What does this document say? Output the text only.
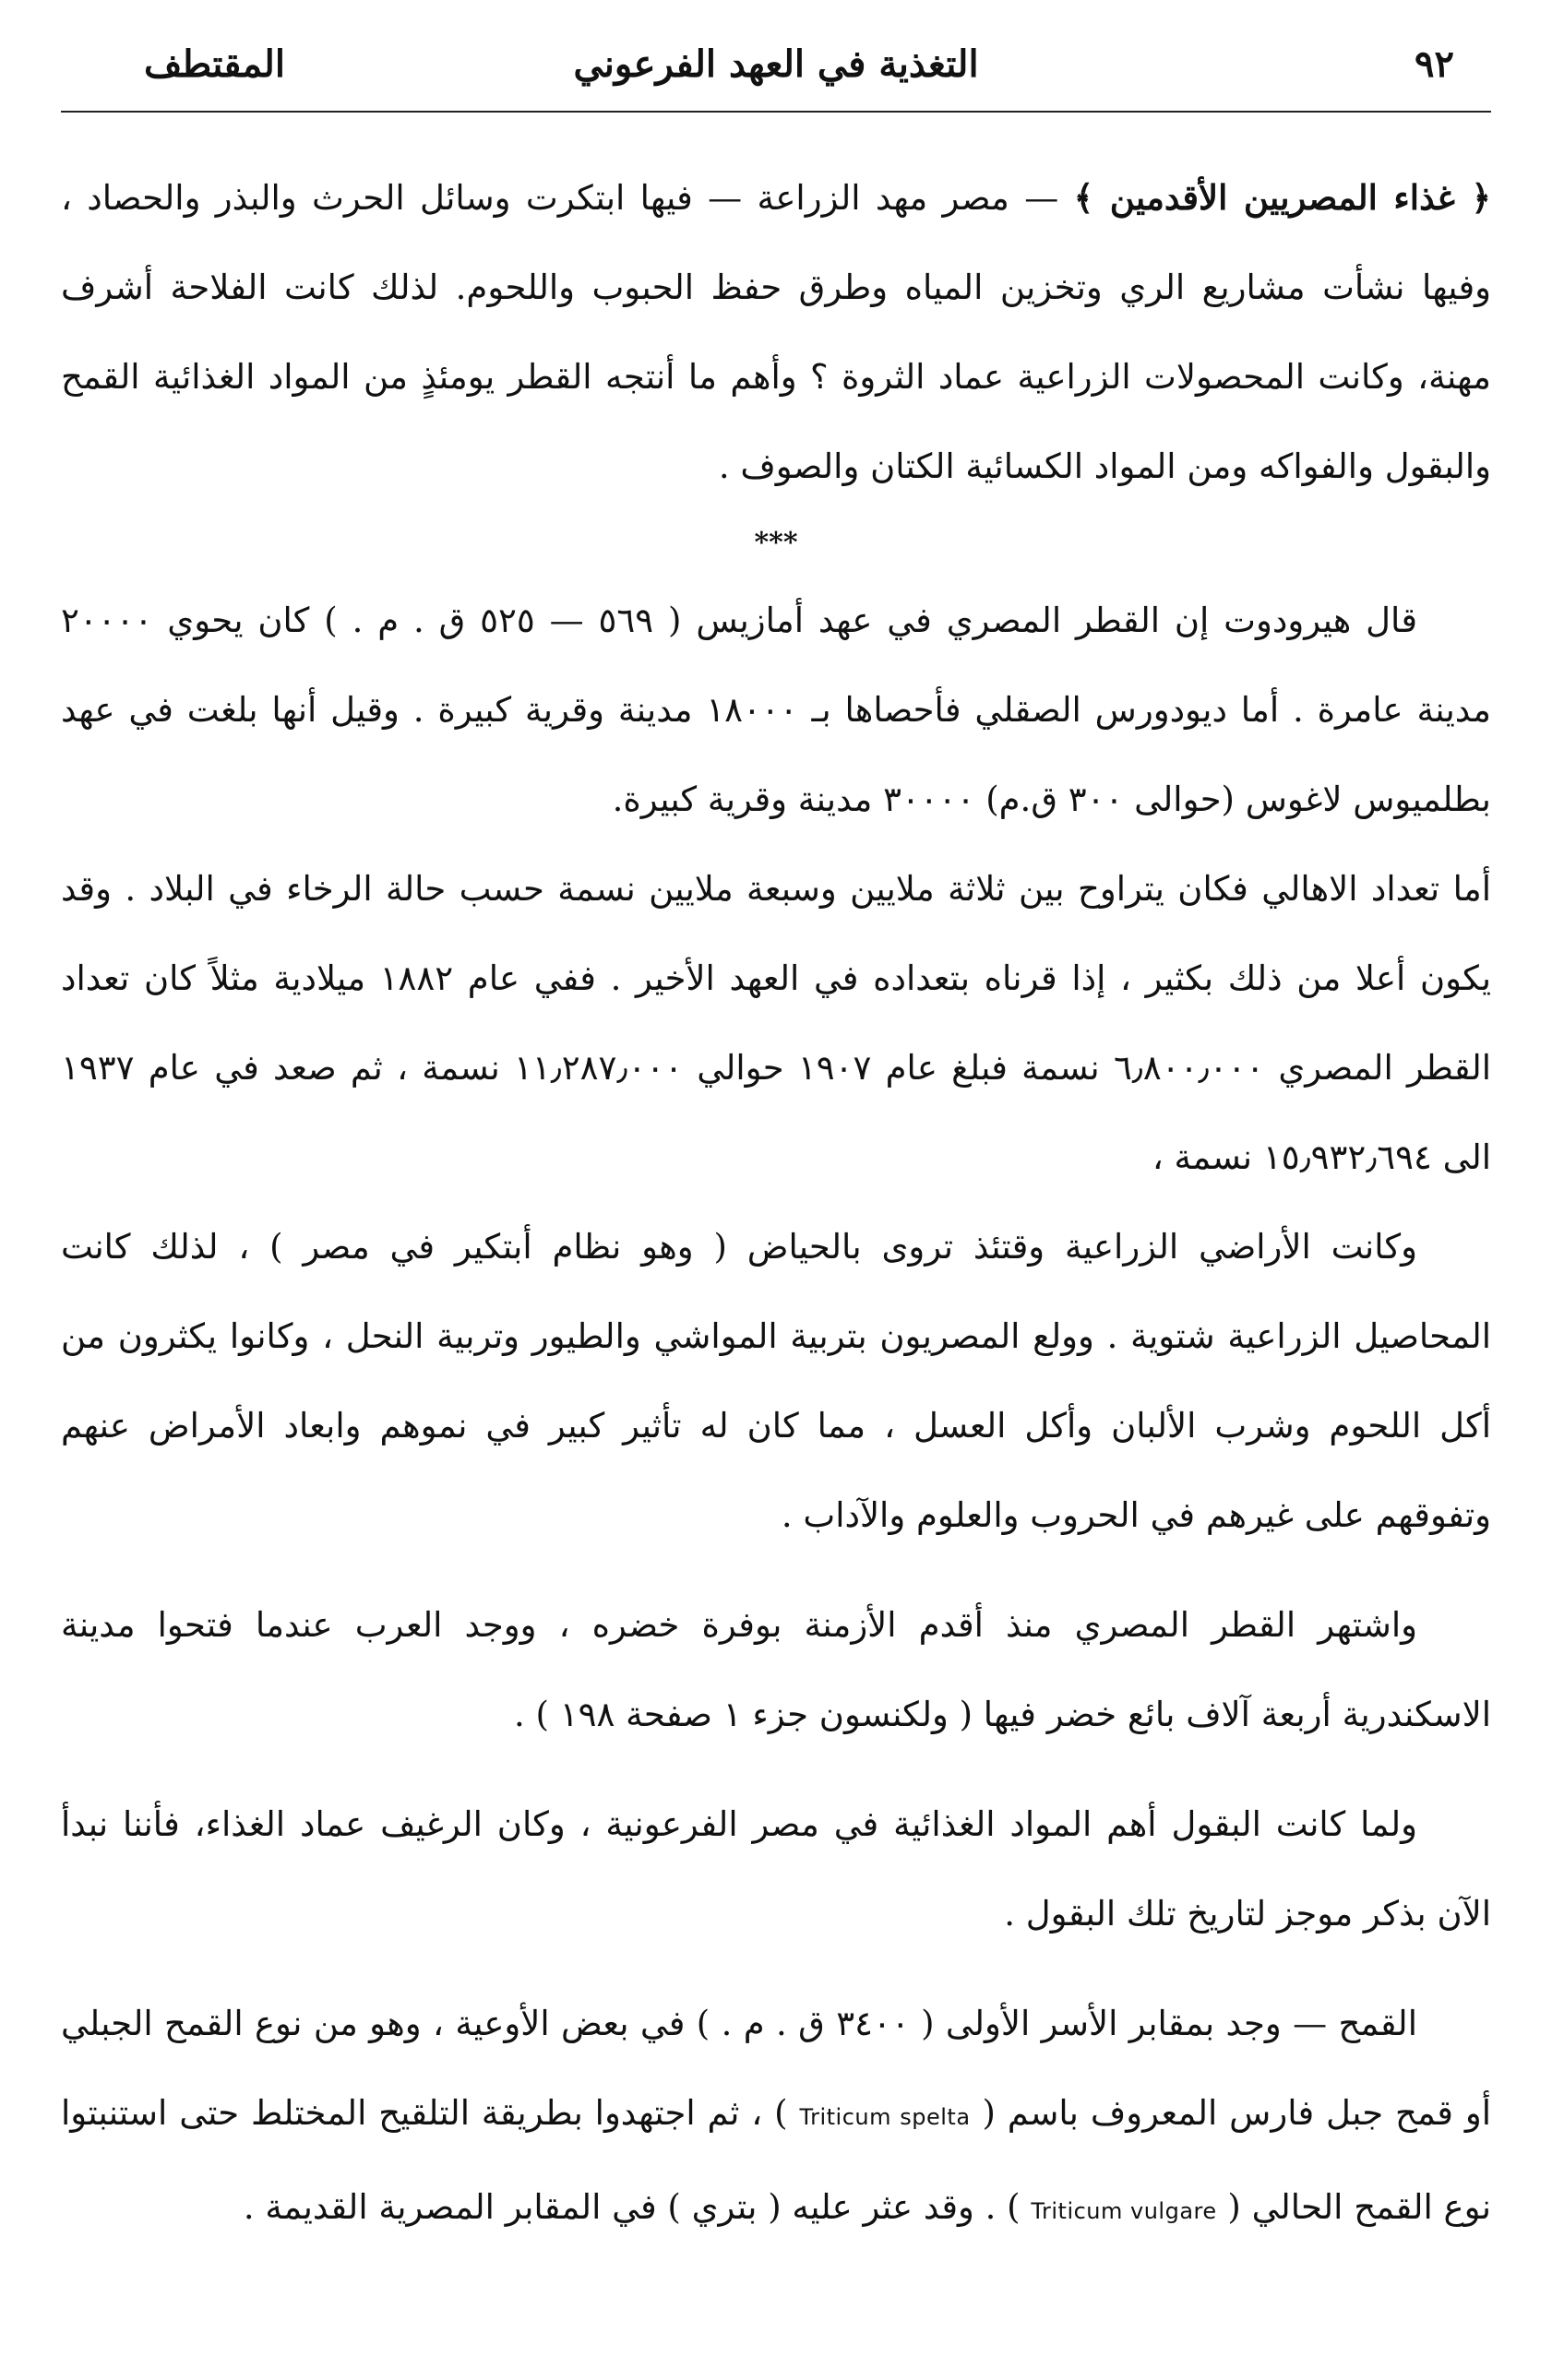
٩٢
التغذية في العهد الفرعوني
المقتطف

﴿ غذاء المصريين الأقدمين ﴾ — مصر مهد الزراعة — فيها ابتكرت وسائل الحرث والبذر والحصاد ، وفيها نشأت مشاريع الري وتخزين المياه وطرق حفظ الحبوب واللحوم. لذلك كانت الفلاحة أشرف مهنة، وكانت المحصولات الزراعية عماد الثروة ؟ وأهم ما أنتجه القطر يومئذٍ من المواد الغذائية القمح والبقول والفواكه ومن المواد الكسائية الكتان والصوف .

***

قال هيرودوت إن القطر المصري في عهد أمازيس ( ٥٦٩ — ٥٢٥ ق . م . ) كان يحوي ٢٠٠٠٠ مدينة عامرة . أما ديودورس الصقلي فأحصاها بـ ١٨٠٠٠ مدينة وقرية كبيرة . وقيل أنها بلغت في عهد بطلميوس لاغوس (حوالى ٣٠٠ ق.م) ٣٠٠٠٠ مدينة وقرية كبيرة.

أما تعداد الاهالي فكان يتراوح بين ثلاثة ملايين وسبعة ملايين نسمة حسب حالة الرخاء في البلاد . وقد يكون أعلا من ذلك بكثير ، إذا قرناه بتعداده في العهد الأخير . ففي عام ١٨٨٢ ميلادية مثلاً كان تعداد القطر المصري ٦٫٨٠٠٫٠٠٠ نسمة فبلغ عام ١٩٠٧ حوالي ١١٫٢٨٧٫٠٠٠ نسمة ، ثم صعد في عام ١٩٣٧ الى ١٥٫٩٣٢٫٦٩٤ نسمة ،

وكانت الأراضي الزراعية وقتئذ تروى بالحياض ( وهو نظام أبتكير في مصر ) ، لذلك كانت المحاصيل الزراعية شتوية . وولع المصريون بتربية المواشي والطيور وتربية النحل ، وكانوا يكثرون من أكل اللحوم وشرب الألبان وأكل العسل ، مما كان له تأثير كبير في نموهم وابعاد الأمراض عنهم وتفوقهم على غيرهم في الحروب والعلوم والآداب .

واشتهر القطر المصري منذ أقدم الأزمنة بوفرة خضره ، ووجد العرب عندما فتحوا مدينة الاسكندرية أربعة آلاف بائع خضر فيها ( ولكنسون جزء ١ صفحة ١٩٨ ) .

ولما كانت البقول أهم المواد الغذائية في مصر الفرعونية ، وكان الرغيف عماد الغذاء، فأننا نبدأ الآن بذكر موجز لتاريخ تلك البقول .

القمح — وجد بمقابر الأسر الأولى ( ٣٤٠٠ ق . م . ) في بعض الأوعية ، وهو من نوع القمح الجبلي أو قمح جبل فارس المعروف باسم ( Triticum spelta ) ، ثم اجتهدوا بطريقة التلقيح المختلط حتى استنبتوا نوع القمح الحالي ( Triticum vulgare ) . وقد عثر عليه ( بتري ) في المقابر المصرية القديمة .
